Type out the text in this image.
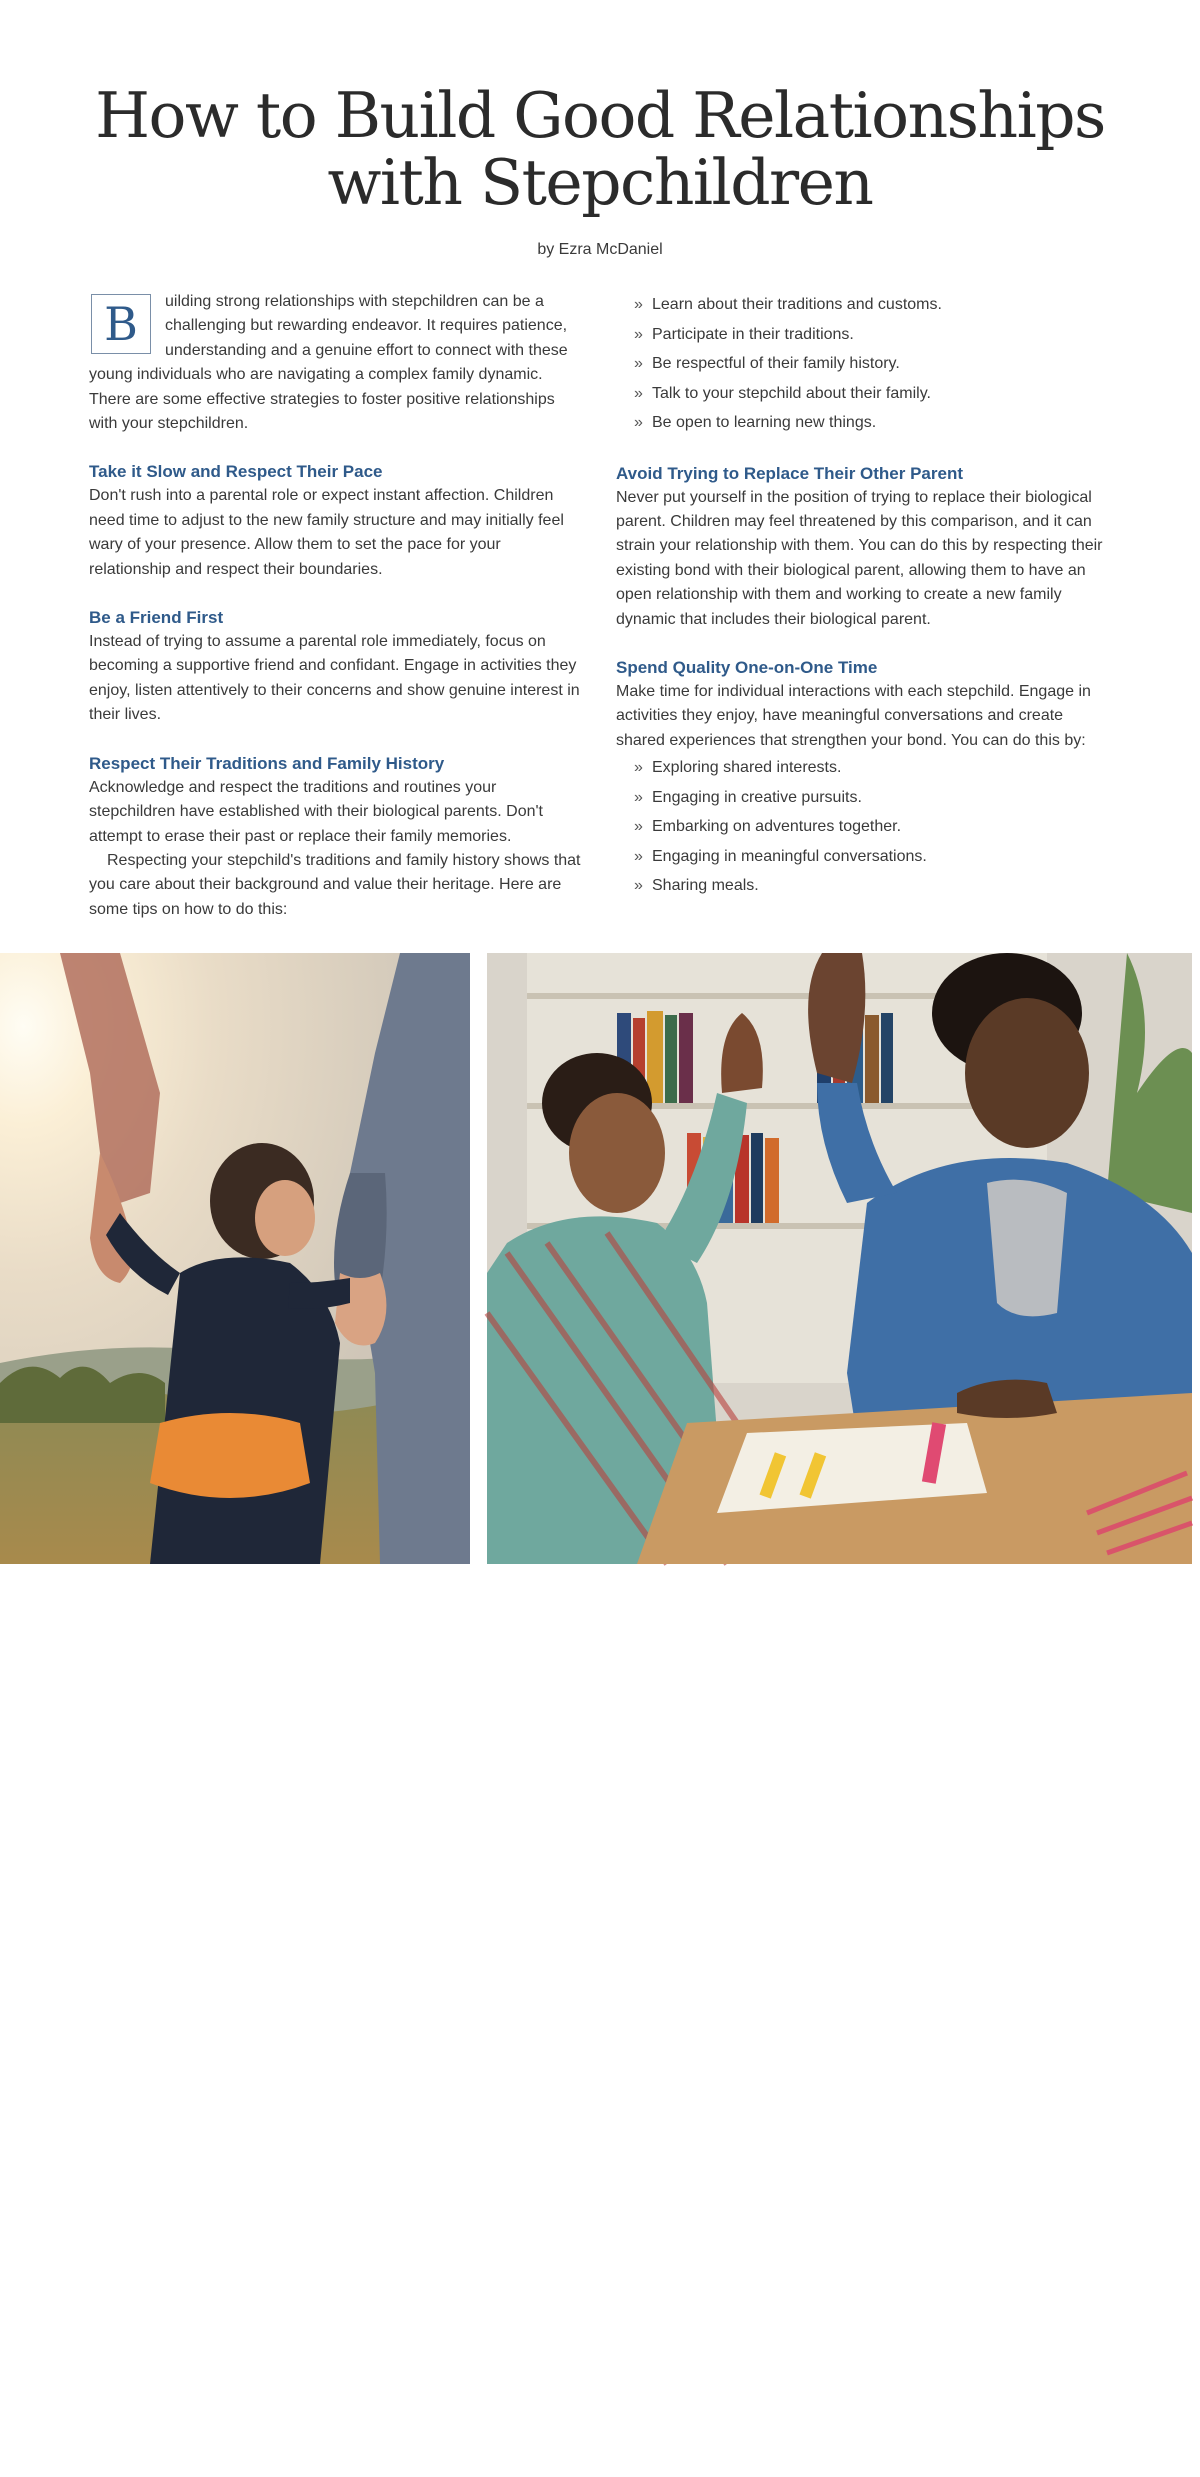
How to Build Good Relationships
with Stepchildren
by Ezra McDaniel

B	uilding strong relationships with stepchildren can be a challenging but rewarding endeavor. It requires patience, understanding and a genuine effort to connect with these young individuals who are navigating a complex family dynamic. There are some effective strategies to foster positive relationships with your stepchildren.

Take it Slow and Respect Their Pace

Don't rush into a parental role or expect instant affection. Children need time to adjust to the new family structure and may initially feel wary of your presence. Allow them to set the pace for your relationship and respect their boundaries.

Be a Friend First

Instead of trying to assume a parental role immediately, focus on becoming a supportive friend and confidant. Engage in activities they enjoy, listen attentively to their concerns and show genuine interest in their lives.

Respect Their Traditions and Family History

Acknowledge and respect the traditions and routines your stepchildren have established with their biological parents. Don't attempt to erase their past or replace their family memories.

Respecting your stepchild's traditions and family history shows that you care about their background and value their heritage. Here are some tips on how to do this:

» Learn about their traditions and customs.
» Participate in their traditions.
» Be respectful of their family history.
» Talk to your stepchild about their family.
» Be open to learning new things.
Avoid Trying to Replace Their Other Parent

Never put yourself in the position of trying to replace their biological parent. Children may feel threatened by this comparison, and it can strain your relationship with them. You can do this by respecting their existing bond with their biological parent, allowing them to have an open relationship with them and working to create a new family dynamic that includes their biological parent.

Spend Quality One-on-One Time

Make time for individual interactions with each stepchild. Engage in activities they enjoy, have meaningful conversations and create shared experiences that strengthen your bond. You can do this by:

» Exploring shared interests.
» Engaging in creative pursuits.
» Embarking on adventures together.
» Engaging in meaningful conversations.
» Sharing meals.
40 / LIVING SAFER / VOL 16 ED 1
